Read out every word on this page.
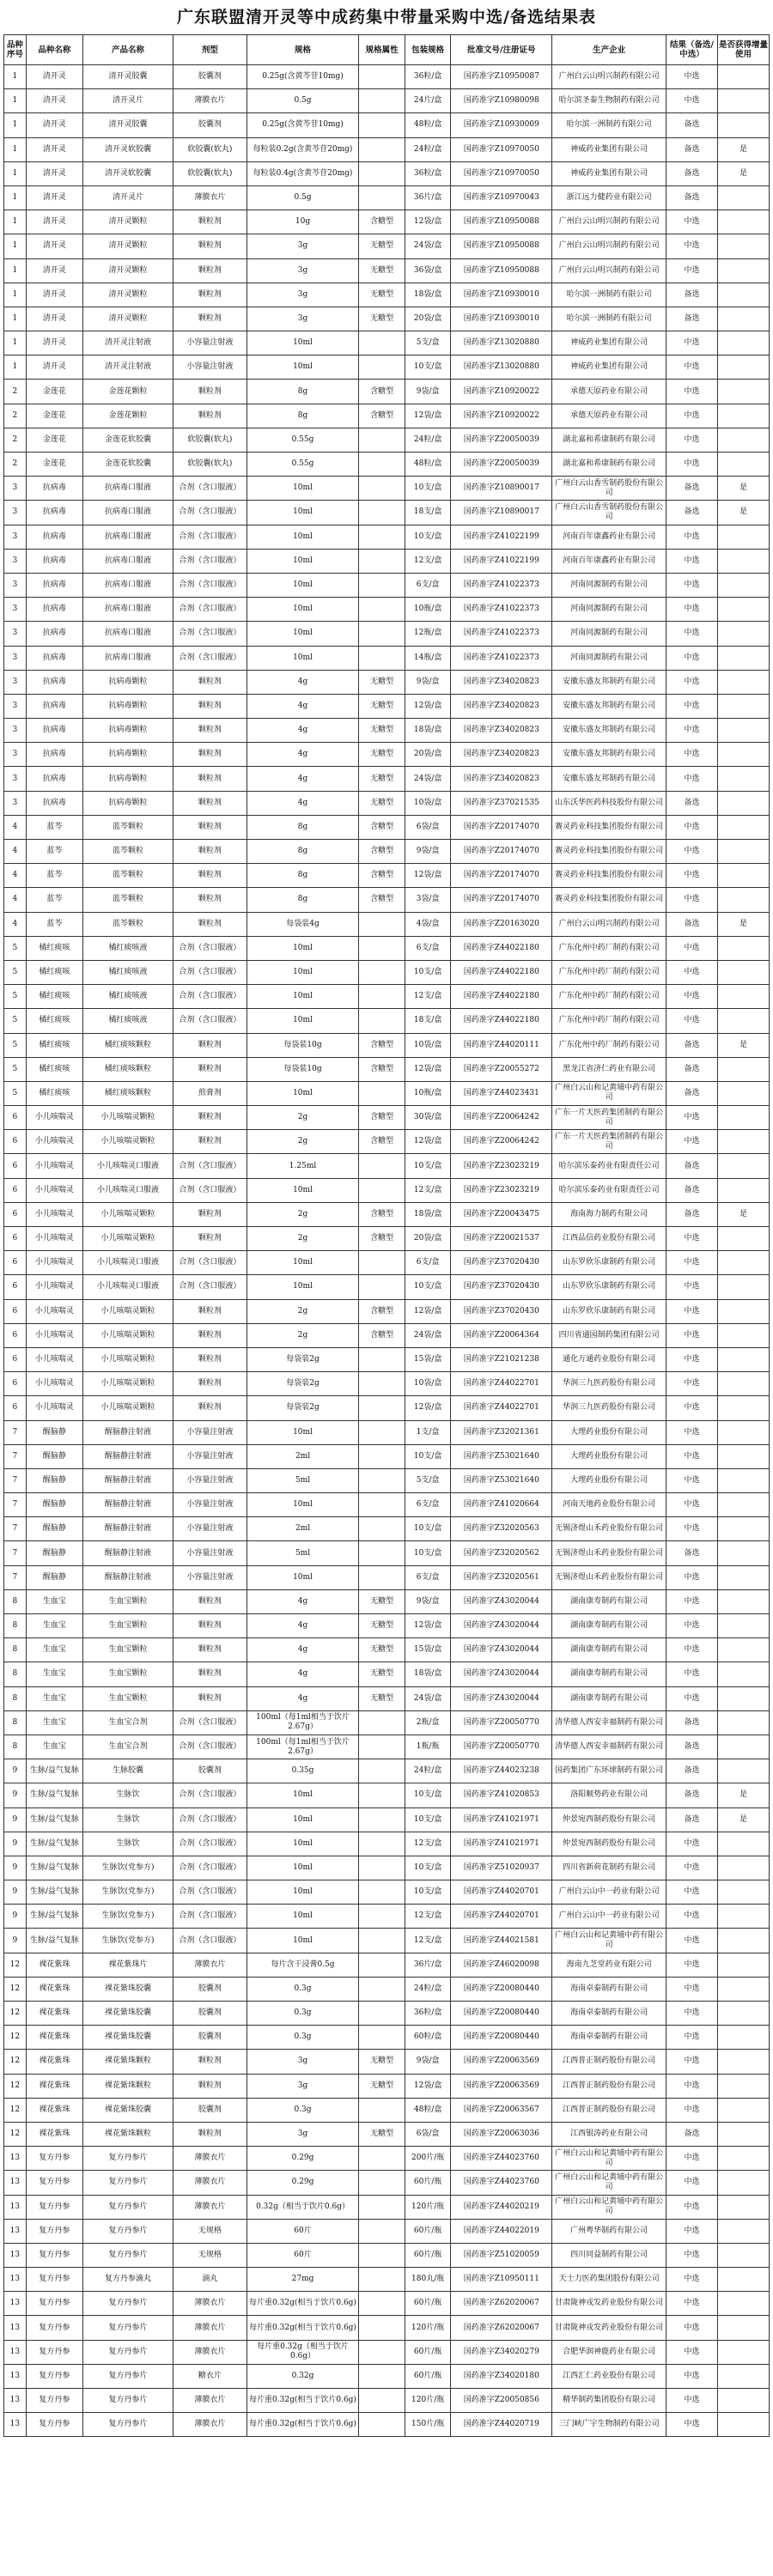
广东联盟清开灵等中成药集中带量采购中选/备选结果表
品种序号	品种名称	产品名称	剂型	规格	规格属性	包装规格	批准文号/注册证号	生产企业	结果（备选/中选）	是否获得增量使用
1	清开灵	清开灵胶囊	胶囊剂	0.25g(含黄芩苷10mg)		36粒/盒	国药准字Z10950087	广州白云山明兴制药有限公司	中选	
1	清开灵	清开灵片	薄膜衣片	0.5g		24片/盒	国药准字Z10980098	哈尔滨圣泰生物制药有限公司	中选	
1	清开灵	清开灵胶囊	胶囊剂	0.25g(含黄芩苷10mg)		48粒/盒	国药准字Z10930009	哈尔滨一洲制药有限公司	备选	
1	清开灵	清开灵软胶囊	软胶囊(软丸)	每粒装0.2g(含黄芩苷20mg)		24粒/盒	国药准字Z10970050	神威药业集团有限公司	备选	是
1	清开灵	清开灵软胶囊	软胶囊(软丸)	每粒装0.4g(含黄芩苷20mg)		36粒/盒	国药准字Z10970050	神威药业集团有限公司	备选	是
1	清开灵	清开灵片	薄膜衣片	0.5g		36片/盒	国药准字Z10970043	浙江远力健药业有限公司	备选	
1	清开灵	清开灵颗粒	颗粒剂	10g	含糖型	12袋/盒	国药准字Z10950088	广州白云山明兴制药有限公司	中选	
1	清开灵	清开灵颗粒	颗粒剂	3g	无糖型	24袋/盒	国药准字Z10950088	广州白云山明兴制药有限公司	中选	
1	清开灵	清开灵颗粒	颗粒剂	3g	无糖型	36袋/盒	国药准字Z10950088	广州白云山明兴制药有限公司	中选	
1	清开灵	清开灵颗粒	颗粒剂	3g	无糖型	18袋/盒	国药准字Z10930010	哈尔滨一洲制药有限公司	备选	
1	清开灵	清开灵颗粒	颗粒剂	3g	无糖型	20袋/盒	国药准字Z10930010	哈尔滨一洲制药有限公司	备选	
1	清开灵	清开灵注射液	小容量注射液	10ml		5支/盒	国药准字Z13020880	神威药业集团有限公司	中选	
1	清开灵	清开灵注射液	小容量注射液	10ml		10支/盒	国药准字Z13020880	神威药业集团有限公司	中选	
2	金莲花	金莲花颗粒	颗粒剂	8g	含糖型	9袋/盒	国药准字Z10920022	承德天原药业有限公司	中选	
2	金莲花	金莲花颗粒	颗粒剂	8g	含糖型	12袋/盒	国药准字Z10920022	承德天原药业有限公司	中选	
2	金莲花	金莲花软胶囊	软胶囊(软丸)	0.55g		24粒/盒	国药准字Z20050039	湖北嘉和希康制药有限公司	中选	
2	金莲花	金莲花软胶囊	软胶囊(软丸)	0.55g		48粒/盒	国药准字Z20050039	湖北嘉和希康制药有限公司	中选	
3	抗病毒	抗病毒口服液	合剂（含口服液）	10ml		10支/盒	国药准字Z10890017	广州白云山香雪制药股份有限公司	备选	是
3	抗病毒	抗病毒口服液	合剂（含口服液）	10ml		18支/盒	国药准字Z10890017	广州白云山香雪制药股份有限公司	备选	是
3	抗病毒	抗病毒口服液	合剂（含口服液）	10ml		10支/盒	国药准字Z41022199	河南百年康鑫药业有限公司	中选	
3	抗病毒	抗病毒口服液	合剂（含口服液）	10ml		12支/盒	国药准字Z41022199	河南百年康鑫药业有限公司	中选	
3	抗病毒	抗病毒口服液	合剂（含口服液）	10ml		6支/盒	国药准字Z41022373	河南同源制药有限公司	中选	
3	抗病毒	抗病毒口服液	合剂（含口服液）	10ml		10瓶/盒	国药准字Z41022373	河南同源制药有限公司	中选	
3	抗病毒	抗病毒口服液	合剂（含口服液）	10ml		12瓶/盒	国药准字Z41022373	河南同源制药有限公司	中选	
3	抗病毒	抗病毒口服液	合剂（含口服液）	10ml		14瓶/盒	国药准字Z41022373	河南同源制药有限公司	中选	
3	抗病毒	抗病毒颗粒	颗粒剂	4g	无糖型	9袋/盒	国药准字Z34020823	安徽东盛友邦制药有限公司	中选	
3	抗病毒	抗病毒颗粒	颗粒剂	4g	无糖型	12袋/盒	国药准字Z34020823	安徽东盛友邦制药有限公司	中选	
3	抗病毒	抗病毒颗粒	颗粒剂	4g	无糖型	18袋/盒	国药准字Z34020823	安徽东盛友邦制药有限公司	中选	
3	抗病毒	抗病毒颗粒	颗粒剂	4g	无糖型	20袋/盒	国药准字Z34020823	安徽东盛友邦制药有限公司	中选	
3	抗病毒	抗病毒颗粒	颗粒剂	4g	无糖型	24袋/盒	国药准字Z34020823	安徽东盛友邦制药有限公司	中选	
3	抗病毒	抗病毒颗粒	颗粒剂	4g	无糖型	10袋/盒	国药准字Z37021535	山东沃华医药科技股份有限公司	备选	
4	蓝芩	蓝芩颗粒	颗粒剂	8g	含糖型	6袋/盒	国药准字Z20174070	赛灵药业科技集团股份有限公司	中选	
4	蓝芩	蓝芩颗粒	颗粒剂	8g	含糖型	9袋/盒	国药准字Z20174070	赛灵药业科技集团股份有限公司	中选	
4	蓝芩	蓝芩颗粒	颗粒剂	8g	含糖型	12袋/盒	国药准字Z20174070	赛灵药业科技集团股份有限公司	中选	
4	蓝芩	蓝芩颗粒	颗粒剂	8g	含糖型	3袋/盒	国药准字Z20174070	赛灵药业科技集团股份有限公司	中选	
4	蓝芩	蓝芩颗粒	颗粒剂	每袋装4g		4袋/盒	国药准字Z20163020	广州白云山明兴制药有限公司	备选	是
5	橘红痰咳	橘红痰咳液	合剂（含口服液）	10ml		6支/盒	国药准字Z44022180	广东化州中药厂制药有限公司	中选	
5	橘红痰咳	橘红痰咳液	合剂（含口服液）	10ml		10支/盒	国药准字Z44022180	广东化州中药厂制药有限公司	中选	
5	橘红痰咳	橘红痰咳液	合剂（含口服液）	10ml		12支/盒	国药准字Z44022180	广东化州中药厂制药有限公司	中选	
5	橘红痰咳	橘红痰咳液	合剂（含口服液）	10ml		18支/盒	国药准字Z44022180	广东化州中药厂制药有限公司	中选	
5	橘红痰咳	橘红痰咳颗粒	颗粒剂	每袋装10g	含糖型	10袋/盒	国药准字Z44020111	广东化州中药厂制药有限公司	备选	是
5	橘红痰咳	橘红痰咳颗粒	颗粒剂	每袋装10g	含糖型	12袋/盒	国药准字Z20055272	黑龙江省济仁药业有限公司	备选	
5	橘红痰咳	橘红痰咳颗粒	煎膏剂	10ml		10瓶/盒	国药准字Z44023431	广州白云山和记黄埔中药有限公司	备选	
6	小儿咳喘灵	小儿咳喘灵颗粒	颗粒剂	2g	含糖型	30袋/盒	国药准字Z20064242	广东一片天医药集团制药有限公司	中选	
6	小儿咳喘灵	小儿咳喘灵颗粒	颗粒剂	2g	含糖型	12袋/盒	国药准字Z20064242	广东一片天医药集团制药有限公司	中选	
6	小儿咳喘灵	小儿咳喘灵口服液	合剂（含口服液）	1.25ml		10支/盒	国药准字Z23023219	哈尔滨乐泰药业有限责任公司	备选	
6	小儿咳喘灵	小儿咳喘灵口服液	合剂（含口服液）	10ml		12支/盒	国药准字Z23023219	哈尔滨乐泰药业有限责任公司	备选	
6	小儿咳喘灵	小儿咳喘灵颗粒	颗粒剂	2g	含糖型	18袋/盒	国药准字Z20043475	海南海力制药有限公司	备选	是
6	小儿咳喘灵	小儿咳喘灵颗粒	颗粒剂	2g	含糖型	20袋/盒	国药准字Z20021537	江西品信药业股份有限公司	中选	
6	小儿咳喘灵	小儿咳喘灵口服液	合剂（含口服液）	10ml		6支/盒	国药准字Z37020430	山东罗欣乐康制药有限公司	中选	
6	小儿咳喘灵	小儿咳喘灵口服液	合剂（含口服液）	10ml		10支/盒	国药准字Z37020430	山东罗欣乐康制药有限公司	中选	
6	小儿咳喘灵	小儿咳喘灵颗粒	颗粒剂	2g	含糖型	12袋/盒	国药准字Z37020430	山东罗欣乐康制药有限公司	中选	
6	小儿咳喘灵	小儿咳喘灵颗粒	颗粒剂	2g	含糖型	24袋/盒	国药准字Z20064364	四川省通园制药集团有限公司	中选	
6	小儿咳喘灵	小儿咳喘灵颗粒	颗粒剂	每袋装2g		15袋/盒	国药准字Z21021238	通化万通药业股份有限公司	中选	
6	小儿咳喘灵	小儿咳喘灵颗粒	颗粒剂	每袋装2g		10袋/盒	国药准字Z44022701	华润三九医药股份有限公司	中选	
6	小儿咳喘灵	小儿咳喘灵颗粒	颗粒剂	每袋装2g		12袋/盒	国药准字Z44022701	华润三九医药股份有限公司	中选	
7	醒脑静	醒脑静注射液	小容量注射液	10ml		1支/盒	国药准字Z32021361	大理药业股份有限公司	中选	
7	醒脑静	醒脑静注射液	小容量注射液	2ml		10支/盒	国药准字Z53021640	大理药业股份有限公司	中选	
7	醒脑静	醒脑静注射液	小容量注射液	5ml		5支/盒	国药准字Z53021640	大理药业股份有限公司	中选	
7	醒脑静	醒脑静注射液	小容量注射液	10ml		6支/盒	国药准字Z41020664	河南天地药业股份有限公司	中选	
7	醒脑静	醒脑静注射液	小容量注射液	2ml		10支/盒	国药准字Z32020563	无锡济煜山禾药业股份有限公司	中选	
7	醒脑静	醒脑静注射液	小容量注射液	5ml		10支/盒	国药准字Z32020562	无锡济煜山禾药业股份有限公司	备选	
7	醒脑静	醒脑静注射液	小容量注射液	10ml		6支/盒	国药准字Z32020561	无锡济煜山禾药业股份有限公司	中选	
8	生血宝	生血宝颗粒	颗粒剂	4g	无糖型	9袋/盒	国药准字Z43020044	湖南康寿制药有限公司	中选	
8	生血宝	生血宝颗粒	颗粒剂	4g	无糖型	12袋/盒	国药准字Z43020044	湖南康寿制药有限公司	中选	
8	生血宝	生血宝颗粒	颗粒剂	4g	无糖型	15袋/盒	国药准字Z43020044	湖南康寿制药有限公司	中选	
8	生血宝	生血宝颗粒	颗粒剂	4g	无糖型	18袋/盒	国药准字Z43020044	湖南康寿制药有限公司	中选	
8	生血宝	生血宝颗粒	颗粒剂	4g	无糖型	24袋/盒	国药准字Z43020044	湖南康寿制药有限公司	中选	
8	生血宝	生血宝合剂	合剂（含口服液）	100ml（每1ml相当于饮片2.67g）		2瓶/盒	国药准字Z20050770	清华德人西安幸福制药有限公司	备选	
8	生血宝	生血宝合剂	合剂（含口服液）	100ml（每1ml相当于饮片2.67g）		1瓶/瓶	国药准字Z20050770	清华德人西安幸福制药有限公司	备选	
9	生脉/益气复脉	生脉胶囊	胶囊剂	0.35g		24粒/盒	国药准字Z44023238	国药集团广东环球制药有限公司	备选	
9	生脉/益气复脉	生脉饮	合剂（含口服液）	10ml		10支/盒	国药准字Z41020853	洛阳顺势药业有限公司	备选	是
9	生脉/益气复脉	生脉饮	合剂（含口服液）	10ml		10支/盒	国药准字Z41021971	仲景宛西制药股份有限公司	备选	是
9	生脉/益气复脉	生脉饮	合剂（含口服液）	10ml		12支/盒	国药准字Z41021971	仲景宛西制药股份有限公司	中选	
9	生脉/益气复脉	生脉饮(党参方)	合剂（含口服液）	10ml		10支/盒	国药准字Z51020937	四川省新荷花制药有限公司	中选	
9	生脉/益气复脉	生脉饮(党参方)	合剂（含口服液）	10ml		10支/盒	国药准字Z44020701	广州白云山中一药业有限公司	中选	
9	生脉/益气复脉	生脉饮(党参方)	合剂（含口服液）	10ml		12支/盒	国药准字Z44020701	广州白云山中一药业有限公司	中选	
9	生脉/益气复脉	生脉饮(党参方)	合剂（含口服液）	10ml		12支/盒	国药准字Z44021581	广州白云山和记黄埔中药有限公司	中选	
12	裸花紫珠	裸花紫珠片	薄膜衣片	每片含干浸膏0.5g		36片/盒	国药准字Z46020098	海南九芝堂药业有限公司	中选	
12	裸花紫珠	裸花紫珠胶囊	胶囊剂	0.3g		24粒/盒	国药准字Z20080440	海南卓泰制药有限公司	中选	
12	裸花紫珠	裸花紫珠胶囊	胶囊剂	0.3g		36粒/盒	国药准字Z20080440	海南卓泰制药有限公司	中选	
12	裸花紫珠	裸花紫珠胶囊	胶囊剂	0.3g		60粒/盒	国药准字Z20080440	海南卓泰制药有限公司	中选	
12	裸花紫珠	裸花紫珠颗粒	颗粒剂	3g	无糖型	9袋/盒	国药准字Z20063569	江西普正制药股份有限公司	中选	
12	裸花紫珠	裸花紫珠颗粒	颗粒剂	3g	无糖型	12袋/盒	国药准字Z20063569	江西普正制药股份有限公司	中选	
12	裸花紫珠	裸花紫珠胶囊	胶囊剂	0.3g		48粒/盒	国药准字Z20063567	江西普正制药股份有限公司	中选	
12	裸花紫珠	裸花紫珠颗粒	颗粒剂	3g	无糖型	6袋/盒	国药准字Z20063036	江西银涛药业有限公司	备选	
13	复方丹参	复方丹参片	薄膜衣片	0.29g		200片/瓶	国药准字Z44023760	广州白云山和记黄埔中药有限公司	中选	
13	复方丹参	复方丹参片	薄膜衣片	0.29g		60片/瓶	国药准字Z44023760	广州白云山和记黄埔中药有限公司	中选	
13	复方丹参	复方丹参片	薄膜衣片	0.32g（相当于饮片0.6g）		120片/瓶	国药准字Z44020219	广州白云山和记黄埔中药有限公司	中选	
13	复方丹参	复方丹参片	无规格	60片		60片/瓶	国药准字Z44022019	广州粤华制药有限公司	中选	
13	复方丹参	复方丹参片	无规格	60片		60片/瓶	国药准字Z51020059	四川同益制药有限公司	中选	
13	复方丹参	复方丹参滴丸	滴丸	27mg		180丸/瓶	国药准字Z10950111	天士力医药集团股份有限公司	中选	
13	复方丹参	复方丹参片	薄膜衣片	每片重0.32g(相当于饮片0.6g)		60片/瓶	国药准字Z62020067	甘肃陇神戎发药业股份有限公司	中选	
13	复方丹参	复方丹参片	薄膜衣片	每片重0.32g(相当于饮片0.6g)		120片/瓶	国药准字Z62020067	甘肃陇神戎发药业股份有限公司	中选	
13	复方丹参	复方丹参片	薄膜衣片	每片重0.32g（相当于饮片0.6g）		60片/瓶	国药准字Z34020279	合肥华润神鹿药业有限公司	中选	
13	复方丹参	复方丹参片	糖衣片	0.32g		60片/瓶	国药准字Z34020180	江西汇仁药业股份有限公司	中选	
13	复方丹参	复方丹参片	薄膜衣片	每片重0.32g(相当于饮片0.6g)		120片/瓶	国药准字Z20050856	精华制药集团股份有限公司	中选	
13	复方丹参	复方丹参片	薄膜衣片	每片重0.32g(相当于饮片0.6g)		150片/瓶	国药准字Z44020719	三门峡广宇生物制药有限公司	中选	
